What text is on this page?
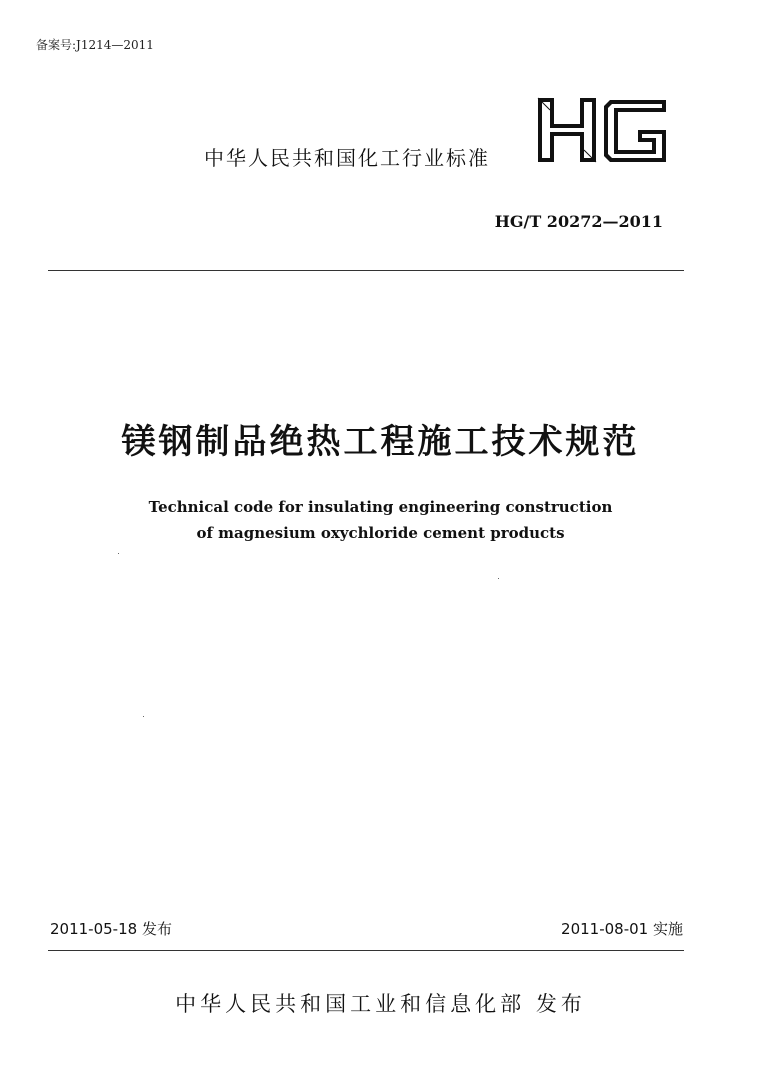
备案号:J1214—2011
中华人民共和国化工行业标准
HG/T 20272—2011
镁钢制品绝热工程施工技术规范
Technical code for insulating engineering construction
of magnesium oxychloride cement products
2011-05-18 发布	2011-08-01 实施
中华人民共和国工业和信息化部 发布
